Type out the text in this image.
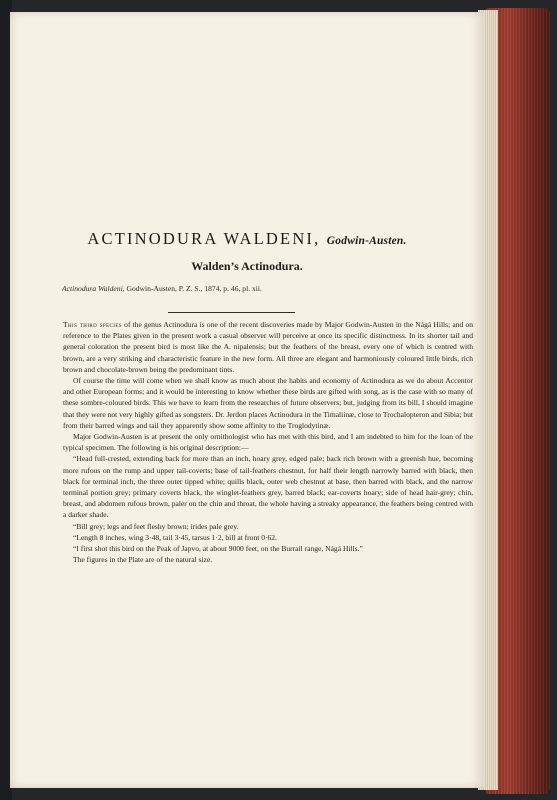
ACTINODURA WALDENI, Godwin-Austen.
Walden’s Actinodura.
Actinodura Waldeni, Godwin-Austen, P. Z. S., 1874, p. 46, pl. xii.

This third species of the genus Actinodura is one of the recent discoveries made by Major Godwin-Austen in the Nágá Hills; and on reference to the Plates given in the present work a casual observer will perceive at once its specific distinctness. In its shorter tail and general coloration the present bird is most like the A. nipalensis; but the feathers of the breast, every one of which is centred with brown, are a very striking and characteristic feature in the new form. All three are elegant and harmoniously coloured little birds, rich brown and chocolate-brown being the predominant tints.

Of course the time will come when we shall know as much about the habits and economy of Actinodura as we do about Accentor and other European forms; and it would be interesting to know whether these birds are gifted with song, as is the case with so many of these sombre-coloured birds. This we have to learn from the researches of future observers; but, judging from its bill, I should imagine that they were not very highly gifted as songsters. Dr. Jerdon places Actinodura in the Timaliinæ, close to Trochalopteron and Sibia; but from their barred wings and tail they apparently show some affinity to the Troglodytinæ.

Major Godwin-Austen is at present the only ornithologist who has met with this bird, and I am indebted to him for the loan of the typical specimen. The following is his original description:—

“Head full-crested, extending back for more than an inch, hoary grey, edged pale; back rich brown with a greenish hue, becoming more rufous on the rump and upper tail-coverts; base of tail-feathers chestnut, for half their length narrowly barred with black, then black for terminal inch, the three outer tipped white; quills black, outer web chestnut at base, then barred with black, and the narrow terminal portion grey; primary coverts black, the winglet-feathers grey, barred black; ear-coverts hoary; side of head hair-grey; chin, breast, and abdomen rufous brown, paler on the chin and throat, the whole having a streaky appearance, the feathers being centred with a darker shade.

“Bill grey; legs and feet fleshy brown; irides pale grey.

“Length 8 inches, wing 3·48, tail 3·45, tarsus 1·2, bill at front 0·62.

“I first shot this bird on the Peak of Japvo, at about 9000 feet, on the Burrail range, Nágá Hills.”

The figures in the Plate are of the natural size.
